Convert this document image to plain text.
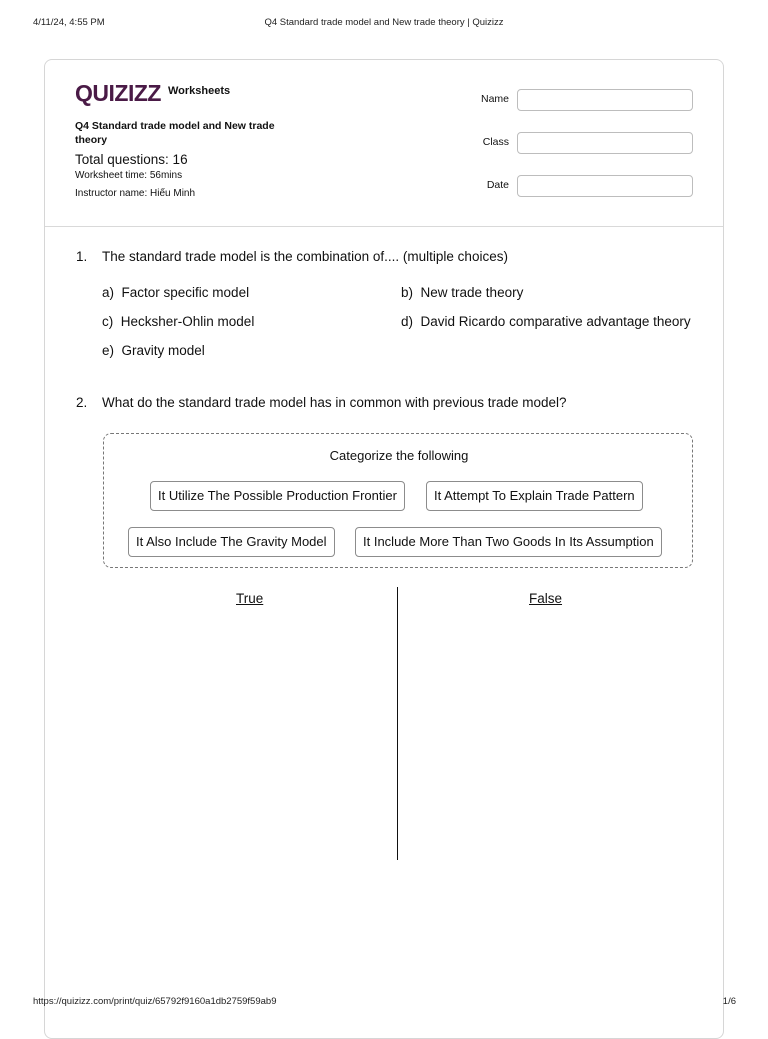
4/11/24, 4:55 PM	Q4 Standard trade model and New trade theory | Quizizz
QUIZIZZ Worksheets
Q4 Standard trade model and New trade theory
Total questions: 16
Worksheet time: 56mins
Instructor name: Hiếu Minh
Name
Class
Date
1. The standard trade model is the combination of.... (multiple choices)
a) Factor specific model	b) New trade theory
c) Hecksher-Ohlin model	d) David Ricardo comparative advantage theory
e) Gravity model
2. What do the standard trade model has in common with previous trade model?
Categorize the following
It Utilize The Possible Production Frontier	It Attempt To Explain Trade Pattern
It Also Include The Gravity Model	It Include More Than Two Goods In Its Assumption
True	False
https://quizizz.com/print/quiz/65792f9160a1db2759f59ab9	1/6
